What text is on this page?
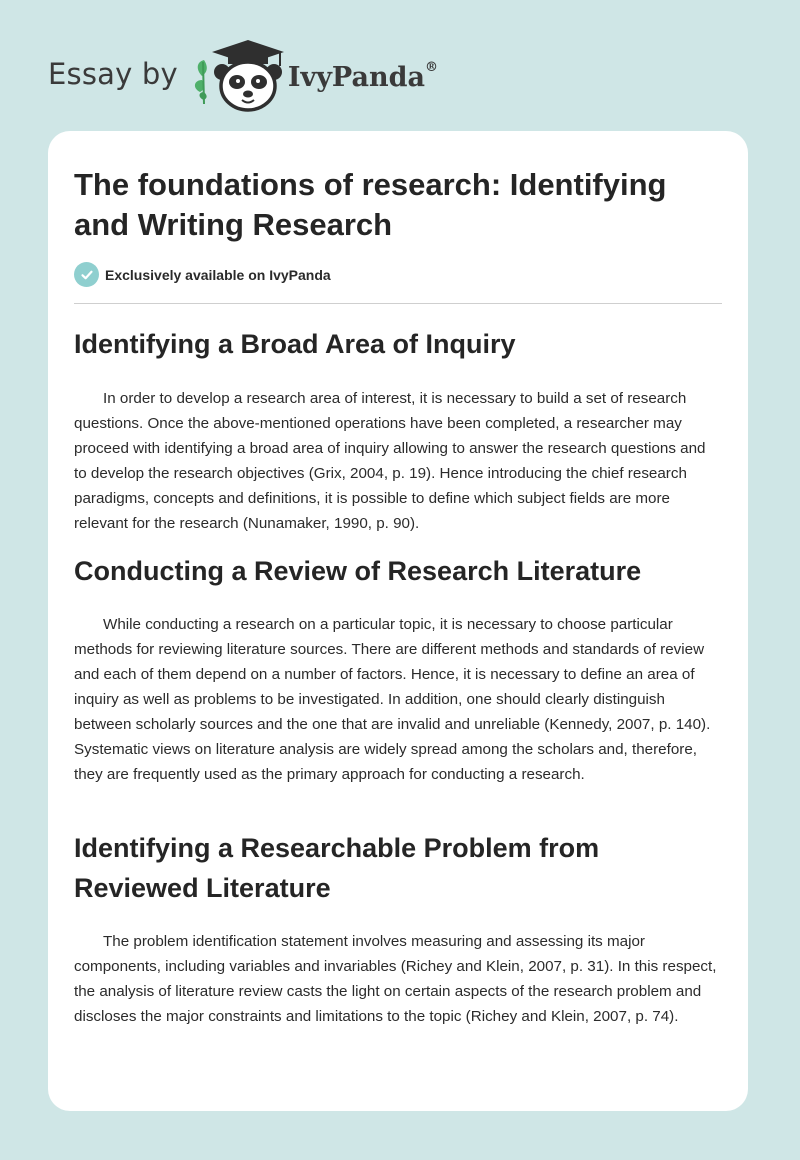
Essay by	IvyPanda®
The foundations of research: Identifying and Writing Research
Exclusively available on IvyPanda
Identifying a Broad Area of Inquiry

In order to develop a research area of interest, it is necessary to build a set of research questions. Once the above-mentioned operations have been completed, a researcher may proceed with identifying a broad area of inquiry allowing to answer the research questions and to develop the research objectives (Grix, 2004, p. 19). Hence introducing the chief research paradigms, concepts and definitions, it is possible to define which subject fields are more relevant for the research (Nunamaker, 1990, p. 90).

Conducting a Review of Research Literature

While conducting a research on a particular topic, it is necessary to choose particular methods for reviewing literature sources. There are different methods and standards of review and each of them depend on a number of factors. Hence, it is necessary to define an area of inquiry as well as problems to be investigated. In addition, one should clearly distinguish between scholarly sources and the one that are invalid and unreliable (Kennedy, 2007, p. 140). Systematic views on literature analysis are widely spread among the scholars and, therefore, they are frequently used as the primary approach for conducting a research.

Identifying a Researchable Problem from Reviewed Literature

The problem identification statement involves measuring and assessing its major components, including variables and invariables (Richey and Klein, 2007, p. 31). In this respect, the analysis of literature review casts the light on certain aspects of the research problem and discloses the major constraints and limitations to the topic (Richey and Klein, 2007, p. 74).
